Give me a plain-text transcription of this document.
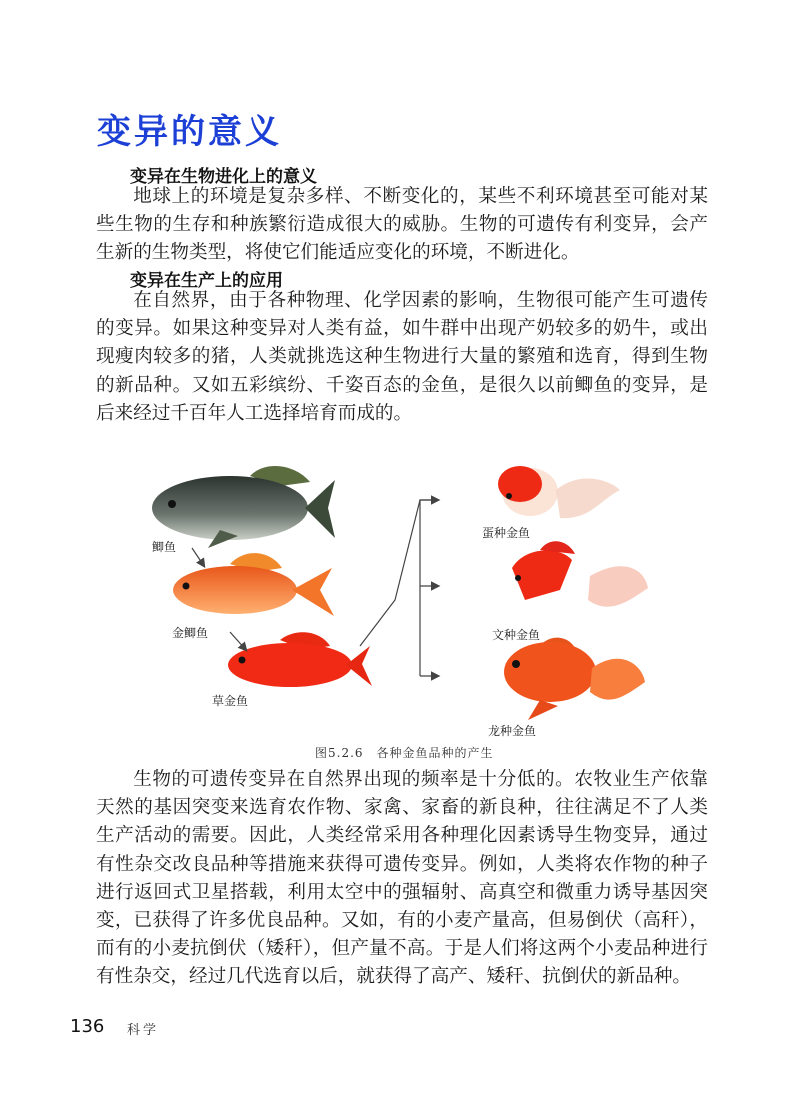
变异的意义
变异在生物进化上的意义

地球上的环境是复杂多样、不断变化的，某些不利环境甚至可能对某些生物的生存和种族繁衍造成很大的威胁。生物的可遗传有利变异，会产生新的生物类型，将使它们能适应变化的环境，不断进化。

变异在生产上的应用

在自然界，由于各种物理、化学因素的影响，生物很可能产生可遗传的变异。如果这种变异对人类有益，如牛群中出现产奶较多的奶牛，或出现瘦肉较多的猪，人类就挑选这种生物进行大量的繁殖和选育，得到生物的新品种。又如五彩缤纷、千姿百态的金鱼，是很久以前鲫鱼的变异，是后来经过千百年人工选择培育而成的。

鲫鱼
金鲫鱼
草金鱼
蛋种金鱼
文种金鱼
龙种金鱼
图5.2.6　各种金鱼品种的产生

生物的可遗传变异在自然界出现的频率是十分低的。农牧业生产依靠天然的基因突变来选育农作物、家禽、家畜的新良种，往往满足不了人类生产活动的需要。因此，人类经常采用各种理化因素诱导生物变异，通过有性杂交改良品种等措施来获得可遗传变异。例如，人类将农作物的种子进行返回式卫星搭载，利用太空中的强辐射、高真空和微重力诱导基因突变，已获得了许多优良品种。又如，有的小麦产量高，但易倒伏（高秆），而有的小麦抗倒伏（矮秆），但产量不高。于是人们将这两个小麦品种进行有性杂交，经过几代选育以后，就获得了高产、矮秆、抗倒伏的新品种。

136 科学
